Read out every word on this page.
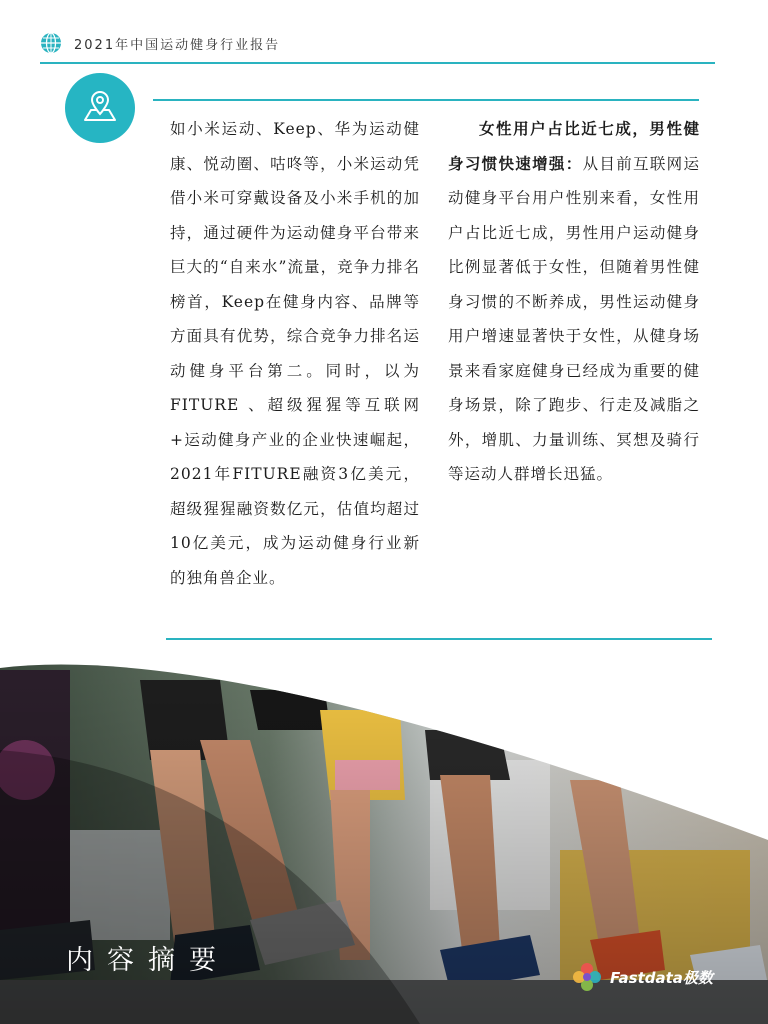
2021年中国运动健身行业报告

如小米运动、Keep、华为运动健康、悦动圈、咕咚等，小米运动凭借小米可穿戴设备及小米手机的加持，通过硬件为运动健身平台带来巨大的“自来水”流量，竞争力排名榜首，Keep在健身内容、品牌等方面具有优势，综合竞争力排名运动健身平台第二。同时，以为FITURE 、超级猩猩等互联网+运动健身产业的企业快速崛起，2021年FITURE融资3亿美元，超级猩猩融资数亿元，估值均超过10亿美元，成为运动健身行业新的独角兽企业。

女性用户占比近七成，男性健身习惯快速增强：从目前互联网运动健身平台用户性别来看，女性用户占比近七成，男性用户运动健身比例显著低于女性，但随着男性健身习惯的不断养成，男性运动健身用户增速显著快于女性，从健身场景来看家庭健身已经成为重要的健身场景，除了跑步、行走及减脂之外，增肌、力量训练、冥想及骑行等运动人群增长迅猛。

内容摘要
Fastdata极数
